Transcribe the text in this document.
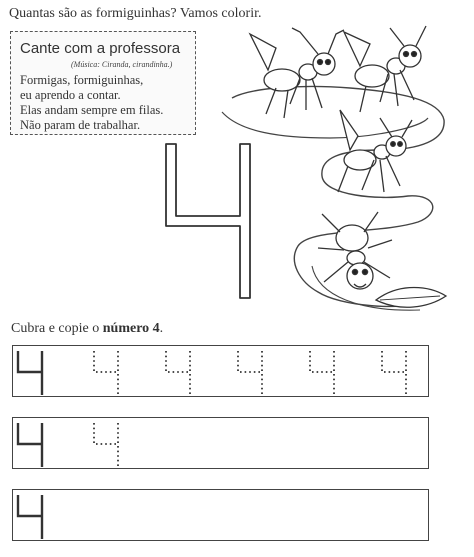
Quantas são as formiguinhas? Vamos colorir.
Cante com a professora
(Música: Ciranda, cirandinha.)
Formigas, formiguinhas,
eu aprendo a contar.
Elas andam sempre em filas.
Não param de trabalhar.
Cubra e copie o número 4.
